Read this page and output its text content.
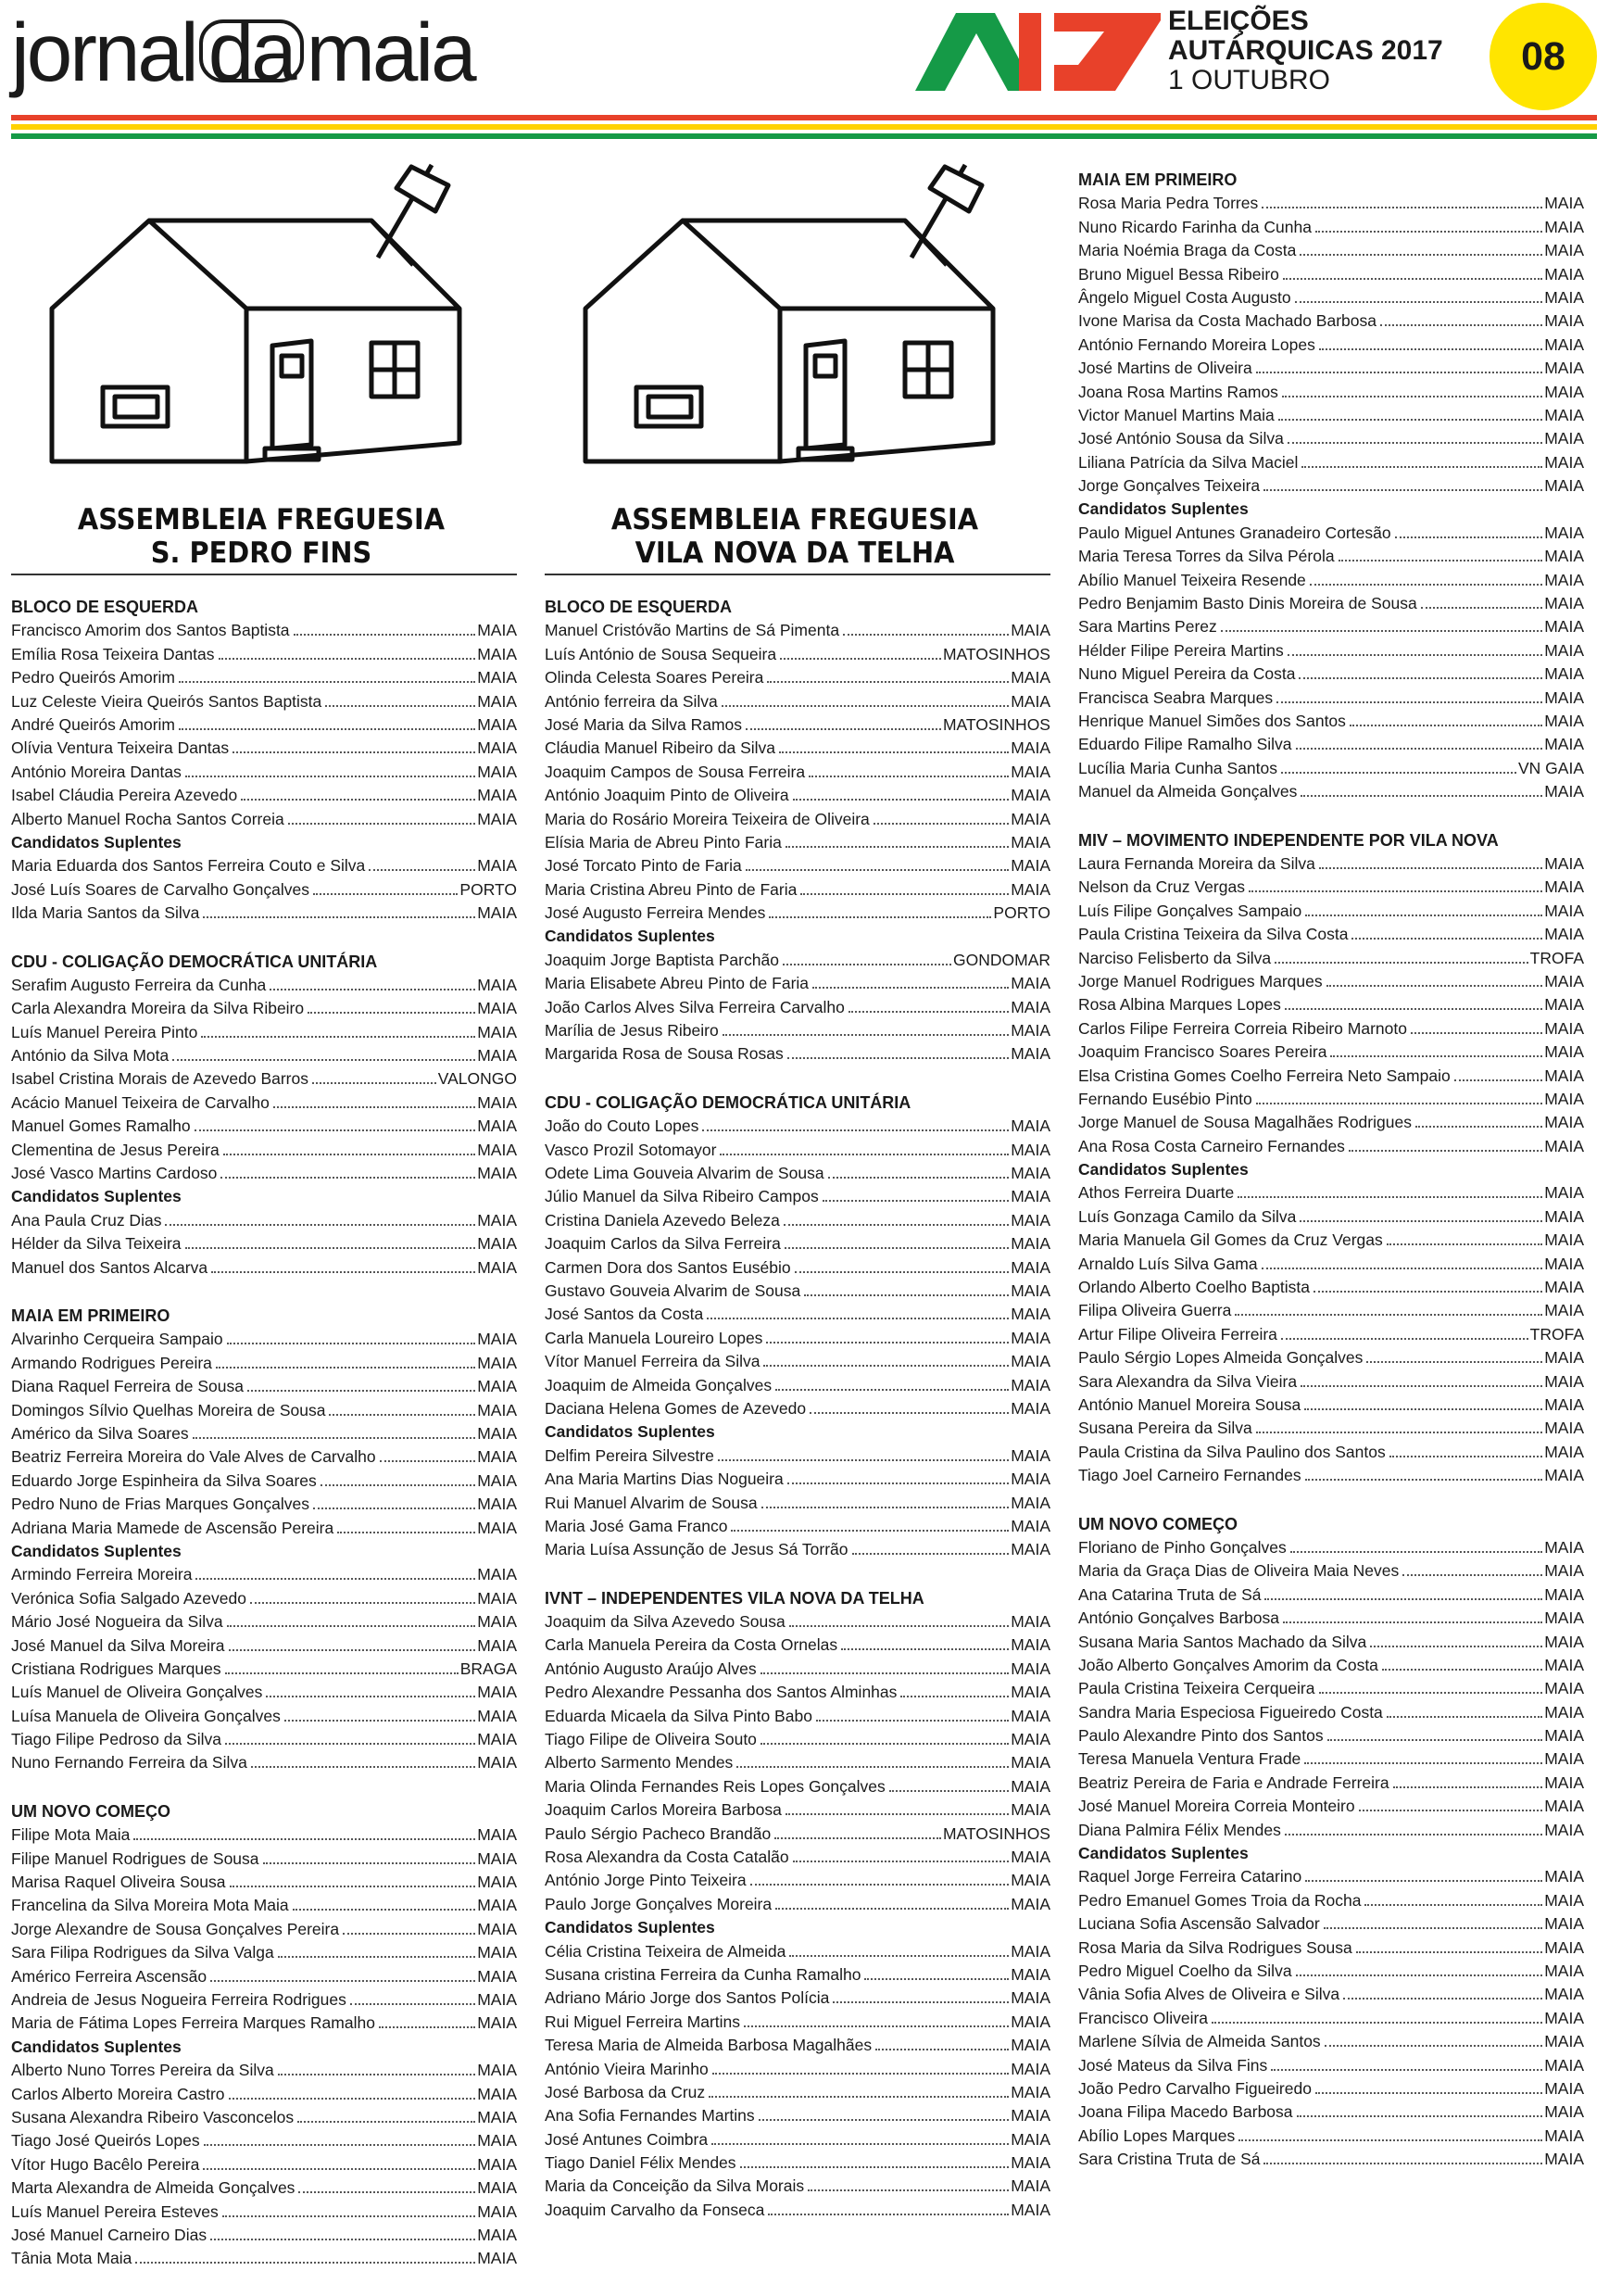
jornal da maia	ELEIÇÕES
AUTÁRQUICAS 2017
1 OUTUBRO
08
ASSEMBLEIA FREGUESIA
S. PEDRO FINS
BLOCO DE ESQUERDA
Francisco Amorim dos Santos Baptista	MAIA
Emília Rosa Teixeira Dantas	MAIA
Pedro Queirós Amorim	MAIA
Luz Celeste Vieira Queirós Santos Baptista	MAIA
André Queirós Amorim	MAIA
Olívia Ventura Teixeira Dantas	MAIA
António Moreira Dantas	MAIA
Isabel Cláudia Pereira Azevedo	MAIA
Alberto Manuel Rocha Santos Correia	MAIA
Candidatos Suplentes
Maria Eduarda dos Santos Ferreira Couto e Silva	MAIA
José Luís Soares de Carvalho Gonçalves	PORTO
Ilda Maria Santos da Silva	MAIA
CDU - COLIGAÇÃO DEMOCRÁTICA UNITÁRIA
Serafim Augusto Ferreira da Cunha	MAIA
Carla Alexandra Moreira da Silva Ribeiro	MAIA
Luís Manuel Pereira Pinto	MAIA
António da Silva Mota	MAIA
Isabel Cristina Morais de Azevedo Barros	VALONGO
Acácio Manuel Teixeira de Carvalho	MAIA
Manuel Gomes Ramalho	MAIA
Clementina de Jesus Pereira	MAIA
José Vasco Martins Cardoso	MAIA
Candidatos Suplentes
Ana Paula Cruz Dias	MAIA
Hélder da Silva Teixeira	MAIA
Manuel dos Santos Alcarva	MAIA
MAIA EM PRIMEIRO
Alvarinho Cerqueira Sampaio	MAIA
Armando Rodrigues Pereira	MAIA
Diana Raquel Ferreira de Sousa	MAIA
Domingos Sílvio Quelhas Moreira de Sousa	MAIA
Américo da Silva Soares	MAIA
Beatriz Ferreira Moreira do Vale Alves de Carvalho	MAIA
Eduardo Jorge Espinheira da Silva Soares	MAIA
Pedro Nuno de Frias Marques Gonçalves	MAIA
Adriana Maria Mamede de Ascensão Pereira	MAIA
Candidatos Suplentes
Armindo Ferreira Moreira	MAIA
Verónica Sofia Salgado Azevedo	MAIA
Mário José Nogueira da Silva	MAIA
José Manuel da Silva Moreira	MAIA
Cristiana Rodrigues Marques	BRAGA
Luís Manuel de Oliveira Gonçalves	MAIA
Luísa Manuela de Oliveira Gonçalves	MAIA
Tiago Filipe Pedroso da Silva	MAIA
Nuno Fernando Ferreira da Silva	MAIA
UM NOVO COMEÇO
Filipe Mota Maia	MAIA
Filipe Manuel Rodrigues de Sousa	MAIA
Marisa Raquel Oliveira Sousa	MAIA
Francelina da Silva Moreira Mota Maia	MAIA
Jorge Alexandre de Sousa Gonçalves Pereira	MAIA
Sara Filipa Rodrigues da Silva Valga	MAIA
Américo Ferreira Ascensão	MAIA
Andreia de Jesus Nogueira Ferreira Rodrigues	MAIA
Maria de Fátima Lopes Ferreira Marques Ramalho	MAIA
Candidatos Suplentes
Alberto Nuno Torres Pereira da Silva	MAIA
Carlos Alberto Moreira Castro	MAIA
Susana Alexandra Ribeiro Vasconcelos	MAIA
Tiago José Queirós Lopes	MAIA
Vítor Hugo Bacêlo Pereira	MAIA
Marta Alexandra de Almeida Gonçalves	MAIA
Luís Manuel Pereira Esteves	MAIA
José Manuel Carneiro Dias	MAIA
Tânia Mota Maia	MAIA
ASSEMBLEIA FREGUESIA
VILA NOVA DA TELHA
BLOCO DE ESQUERDA
Manuel Cristóvão Martins de Sá Pimenta	MAIA
Luís António de Sousa Sequeira	MATOSINHOS
Olinda Celesta Soares Pereira	MAIA
António ferreira da Silva	MAIA
José Maria da Silva Ramos	MATOSINHOS
Cláudia Manuel Ribeiro da Silva	MAIA
Joaquim Campos de Sousa Ferreira	MAIA
António Joaquim Pinto de Oliveira	MAIA
Maria do Rosário Moreira Teixeira de Oliveira	MAIA
Elísia Maria de Abreu Pinto Faria	MAIA
José Torcato Pinto de Faria	MAIA
Maria Cristina Abreu Pinto de Faria	MAIA
José Augusto Ferreira Mendes	PORTO
Candidatos Suplentes
Joaquim Jorge Baptista Parchão	GONDOMAR
Maria Elisabete Abreu Pinto de Faria	MAIA
João Carlos Alves Silva Ferreira Carvalho	MAIA
Marília de Jesus Ribeiro	MAIA
Margarida Rosa de Sousa Rosas	MAIA
CDU - COLIGAÇÃO DEMOCRÁTICA UNITÁRIA
João do Couto Lopes	MAIA
Vasco Prozil Sotomayor	MAIA
Odete Lima Gouveia Alvarim de Sousa	MAIA
Júlio Manuel da Silva Ribeiro Campos	MAIA
Cristina Daniela Azevedo Beleza	MAIA
Joaquim Carlos da Silva Ferreira	MAIA
Carmen Dora dos Santos Eusébio	MAIA
Gustavo Gouveia Alvarim de Sousa	MAIA
José Santos da Costa	MAIA
Carla Manuela Loureiro Lopes	MAIA
Vítor Manuel Ferreira da Silva	MAIA
Joaquim de Almeida Gonçalves	MAIA
Daciana Helena Gomes de Azevedo	MAIA
Candidatos Suplentes
Delfim Pereira Silvestre	MAIA
Ana Maria Martins Dias Nogueira	MAIA
Rui Manuel Alvarim de Sousa	MAIA
Maria José Gama Franco	MAIA
Maria Luísa Assunção de Jesus Sá Torrão	MAIA
IVNT – INDEPENDENTES VILA NOVA DA TELHA
Joaquim da Silva Azevedo Sousa	MAIA
Carla Manuela Pereira da Costa Ornelas	MAIA
António Augusto Araújo Alves	MAIA
Pedro Alexandre Pessanha dos Santos Alminhas	MAIA
Eduarda Micaela da Silva Pinto Babo	MAIA
Tiago Filipe de Oliveira Souto	MAIA
Alberto Sarmento Mendes	MAIA
Maria Olinda Fernandes Reis Lopes Gonçalves	MAIA
Joaquim Carlos Moreira Barbosa	MAIA
Paulo Sérgio Pacheco Brandão	MATOSINHOS
Rosa Alexandra da Costa Catalão	MAIA
António Jorge Pinto Teixeira	MAIA
Paulo Jorge Gonçalves Moreira	MAIA
Candidatos Suplentes
Célia Cristina Teixeira de Almeida	MAIA
Susana cristina Ferreira da Cunha Ramalho	MAIA
Adriano Mário Jorge dos Santos Polícia	MAIA
Rui Miguel Ferreira Martins	MAIA
Teresa Maria de Almeida Barbosa Magalhães	MAIA
António Vieira Marinho	MAIA
José Barbosa da Cruz	MAIA
Ana Sofia Fernandes Martins	MAIA
José Antunes Coimbra	MAIA
Tiago Daniel Félix Mendes	MAIA
Maria da Conceição da Silva Morais	MAIA
Joaquim Carvalho da Fonseca	MAIA
MAIA EM PRIMEIRO
Rosa Maria Pedra Torres	MAIA
Nuno Ricardo Farinha da Cunha	MAIA
Maria Noémia Braga da Costa	MAIA
Bruno Miguel Bessa Ribeiro	MAIA
Ângelo Miguel Costa Augusto	MAIA
Ivone Marisa da Costa Machado Barbosa	MAIA
António Fernando Moreira Lopes	MAIA
José Martins de Oliveira	MAIA
Joana Rosa Martins Ramos	MAIA
Victor Manuel Martins Maia	MAIA
José António Sousa da Silva	MAIA
Liliana Patrícia da Silva Maciel	MAIA
Jorge Gonçalves Teixeira	MAIA
Candidatos Suplentes
Paulo Miguel Antunes Granadeiro Cortesão	MAIA
Maria Teresa Torres da Silva Pérola	MAIA
Abílio Manuel Teixeira Resende	MAIA
Pedro Benjamim Basto Dinis Moreira de Sousa	MAIA
Sara Martins Perez	MAIA
Hélder Filipe Pereira Martins	MAIA
Nuno Miguel Pereira da Costa	MAIA
Francisca Seabra Marques	MAIA
Henrique Manuel Simões dos Santos	MAIA
Eduardo Filipe Ramalho Silva	MAIA
Lucília Maria Cunha Santos	VN GAIA
Manuel da Almeida Gonçalves	MAIA
MIV – MOVIMENTO INDEPENDENTE POR VILA NOVA
Laura Fernanda Moreira da Silva	MAIA
Nelson da Cruz Vergas	MAIA
Luís Filipe Gonçalves Sampaio	MAIA
Paula Cristina Teixeira da Silva Costa	MAIA
Narciso Felisberto da Silva	TROFA
Jorge Manuel Rodrigues Marques	MAIA
Rosa Albina Marques Lopes	MAIA
Carlos Filipe Ferreira Correia Ribeiro Marnoto	MAIA
Joaquim Francisco Soares Pereira	MAIA
Elsa Cristina Gomes Coelho Ferreira Neto Sampaio	MAIA
Fernando Eusébio Pinto	MAIA
Jorge Manuel de Sousa Magalhães Rodrigues	MAIA
Ana Rosa Costa Carneiro Fernandes	MAIA
Candidatos Suplentes
Athos Ferreira Duarte	MAIA
Luís Gonzaga Camilo da Silva	MAIA
Maria Manuela Gil Gomes da Cruz Vergas	MAIA
Arnaldo Luís Silva Gama	MAIA
Orlando Alberto Coelho Baptista	MAIA
Filipa Oliveira Guerra	MAIA
Artur Filipe Oliveira Ferreira	TROFA
Paulo Sérgio Lopes Almeida Gonçalves	MAIA
Sara Alexandra da Silva Vieira	MAIA
António Manuel Moreira Sousa	MAIA
Susana Pereira da Silva	MAIA
Paula Cristina da Silva Paulino dos Santos	MAIA
Tiago Joel Carneiro Fernandes	MAIA
UM NOVO COMEÇO
Floriano de Pinho Gonçalves	MAIA
Maria da Graça Dias de Oliveira Maia Neves	MAIA
Ana Catarina Truta de Sá	MAIA
António Gonçalves Barbosa	MAIA
Susana Maria Santos Machado da Silva	MAIA
João Alberto Gonçalves Amorim da Costa	MAIA
Paula Cristina Teixeira Cerqueira	MAIA
Sandra Maria Especiosa Figueiredo Costa	MAIA
Paulo Alexandre Pinto dos Santos	MAIA
Teresa Manuela Ventura Frade	MAIA
Beatriz Pereira de Faria e Andrade Ferreira	MAIA
José Manuel Moreira Correia Monteiro	MAIA
Diana Palmira Félix Mendes	MAIA
Candidatos Suplentes
Raquel Jorge Ferreira Catarino	MAIA
Pedro Emanuel Gomes Troia da Rocha	MAIA
Luciana Sofia Ascensão Salvador	MAIA
Rosa Maria da Silva Rodrigues Sousa	MAIA
Pedro Miguel Coelho da Silva	MAIA
Vânia Sofia Alves de Oliveira e Silva	MAIA
Francisco Oliveira	MAIA
Marlene Sílvia de Almeida Santos	MAIA
José Mateus da Silva Fins	MAIA
João Pedro Carvalho Figueiredo	MAIA
Joana Filipa Macedo Barbosa	MAIA
Abílio Lopes Marques	MAIA
Sara Cristina Truta de Sá	MAIA
